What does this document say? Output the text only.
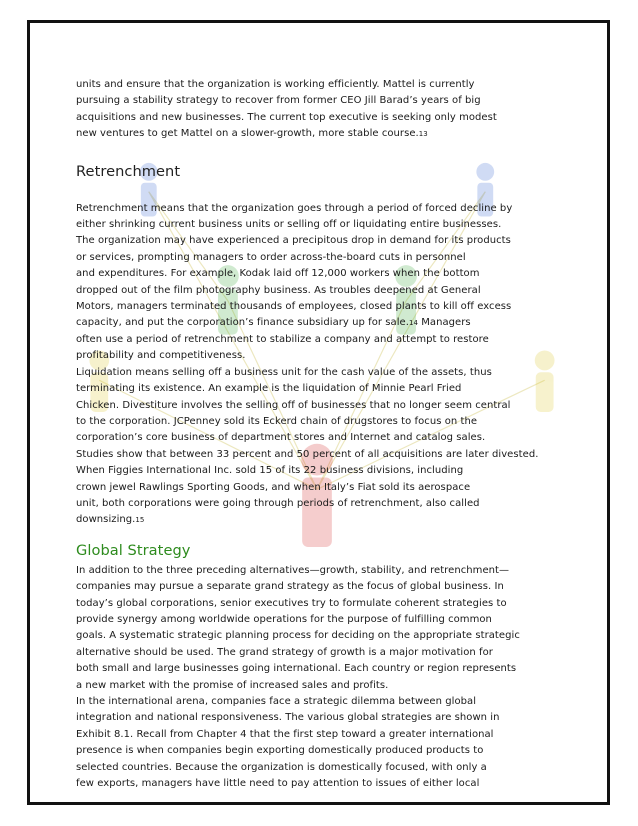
units and ensure that the organization is working efficiently. Mattel is currently
pursuing a stability strategy to recover from former CEO Jill Barad’s years of big
acquisitions and new businesses. The current top executive is seeking only modest
new ventures to get Mattel on a slower-growth, more stable course.13

Retrenchment

Retrenchment means that the organization goes through a period of forced decline by
either shrinking current business units or selling off or liquidating entire businesses.
The organization may have experienced a precipitous drop in demand for its products
or services, prompting managers to order across-the-board cuts in personnel
and expenditures. For example, Kodak laid off 12,000 workers when the bottom
dropped out of the film photography business. As troubles deepened at General
Motors, managers terminated thousands of employees, closed plants to kill off excess
capacity, and put the corporation’s finance subsidiary up for sale.14 Managers
often use a period of retrenchment to stabilize a company and attempt to restore
profitability and competitiveness.

Liquidation means selling off a business unit for the cash value of the assets, thus
terminating its existence. An example is the liquidation of Minnie Pearl Fried
Chicken. Divestiture involves the selling off of businesses that no longer seem central
to the corporation. JCPenney sold its Eckerd chain of drugstores to focus on the
corporation’s core business of department stores and Internet and catalog sales.
Studies show that between 33 percent and 50 percent of all acquisitions are later divested.
When Figgies International Inc. sold 15 of its 22 business divisions, including
crown jewel Rawlings Sporting Goods, and when Italy’s Fiat sold its aerospace
unit, both corporations were going through periods of retrenchment, also called
downsizing.15

Global Strategy

In addition to the three preceding alternatives—growth, stability, and retrenchment—
companies may pursue a separate grand strategy as the focus of global business. In
today’s global corporations, senior executives try to formulate coherent strategies to
provide synergy among worldwide operations for the purpose of fulfilling common
goals. A systematic strategic planning process for deciding on the appropriate strategic
alternative should be used. The grand strategy of growth is a major motivation for
both small and large businesses going international. Each country or region represents
a new market with the promise of increased sales and profits.

In the international arena, companies face a strategic dilemma between global
integration and national responsiveness. The various global strategies are shown in
Exhibit 8.1. Recall from Chapter 4 that the first step toward a greater international
presence is when companies begin exporting domestically produced products to
selected countries. Because the organization is domestically focused, with only a
few exports, managers have little need to pay attention to issues of either local
